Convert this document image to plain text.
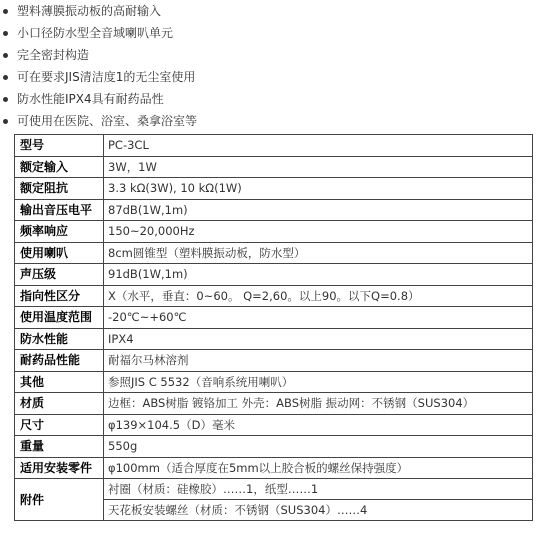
塑料薄膜振动板的高耐输入
小口径防水型全音域喇叭单元
完全密封构造
可在要求JIS清洁度1的无尘室使用
防水性能IPX4具有耐药品性
可使用在医院、浴室、桑拿浴室等
型号	PC-3CL
额定输入	3W，1W
额定阻抗	3.3 kΩ(3W), 10 kΩ(1W)
输出音压电平	87dB(1W,1m)
频率响应	150~20,000Hz
使用喇叭	8cm圆锥型（塑料膜振动板，防水型）
声压级	91dB(1W,1m)
指向性区分	X（水平，垂直：0~60。 Q=2,60。以上90。以下Q=0.8）
使用温度范围	-20℃~+60℃
防水性能	IPX4
耐药品性能	耐福尔马林溶剂
其他	参照JIS C 5532（音响系统用喇叭）
材质	边框：ABS树脂 镀铬加工 外壳：ABS树脂 振动网：不锈钢（SUS304）
尺寸	φ139×104.5（D）毫米
重量	550g
适用安装零件	φ100mm（适合厚度在5mm以上胶合板的螺丝保持强度）
附件	衬圈（材质：硅橡胶）……1，纸型……1
天花板安装螺丝（材质：不锈钢（SUS304）……4
